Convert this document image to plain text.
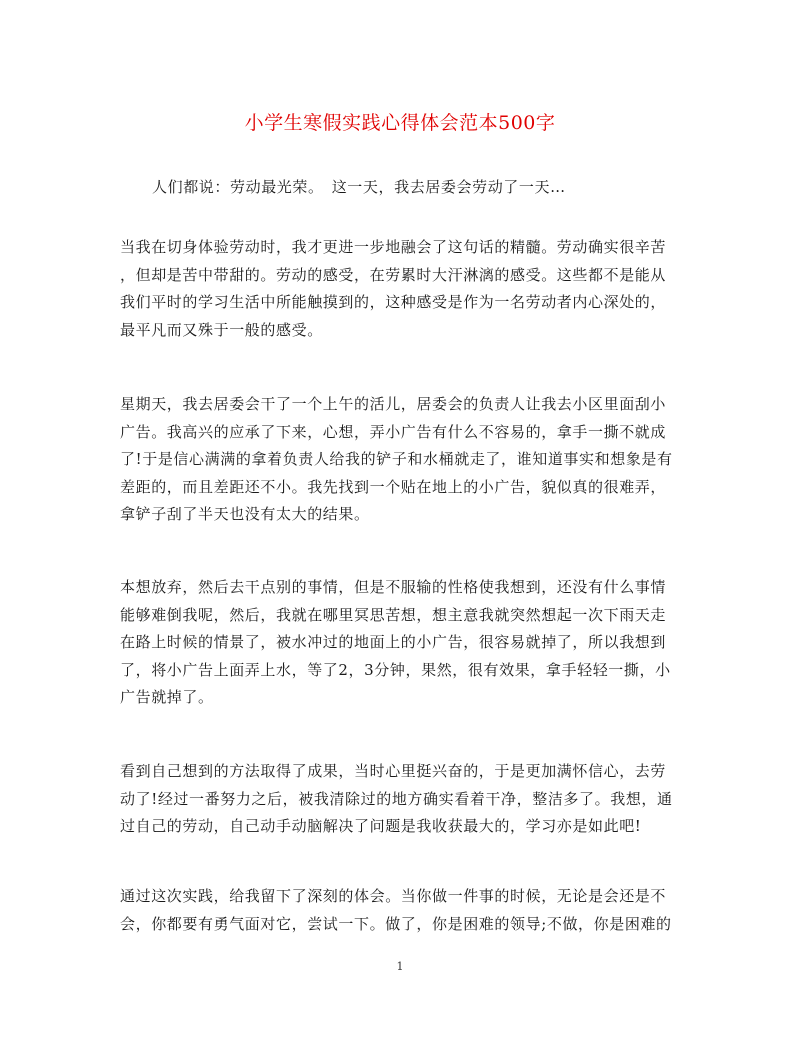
小学生寒假实践心得体会范本500字

人们都说：劳动最光荣。　这一天，我去居委会劳动了一天…

当我在切身体验劳动时，我才更进一步地融会了这句话的精髓。劳动确实很辛苦
，但却是苦中带甜的。劳动的感受，在劳累时大汗淋漓的感受。这些都不是能从
我们平时的学习生活中所能触摸到的，这种感受是作为一名劳动者内心深处的，
最平凡而又殊于一般的感受。

星期天，我去居委会干了一个上午的活儿，居委会的负责人让我去小区里面刮小
广告。我高兴的应承了下来，心想，弄小广告有什么不容易的，拿手一撕不就成
了!于是信心满满的拿着负责人给我的铲子和水桶就走了，谁知道事实和想象是有
差距的，而且差距还不小。我先找到一个贴在地上的小广告，貌似真的很难弄，
拿铲子刮了半天也没有太大的结果。

本想放弃，然后去干点别的事情，但是不服输的性格使我想到，还没有什么事情
能够难倒我呢，然后，我就在哪里冥思苦想，想主意我就突然想起一次下雨天走
在路上时候的情景了，被水冲过的地面上的小广告，很容易就掉了，所以我想到
了，将小广告上面弄上水，等了2，3分钟，果然，很有效果，拿手轻轻一撕，小
广告就掉了。

看到自己想到的方法取得了成果，当时心里挺兴奋的，于是更加满怀信心，去劳
动了!经过一番努力之后，被我清除过的地方确实看着干净，整洁多了。我想，通
过自己的劳动，自己动手动脑解决了问题是我收获最大的，学习亦是如此吧!

通过这次实践，给我留下了深刻的体会。当你做一件事的时候，无论是会还是不
会，你都要有勇气面对它，尝试一下。做了，你是困难的领导;不做，你是困难的

1
